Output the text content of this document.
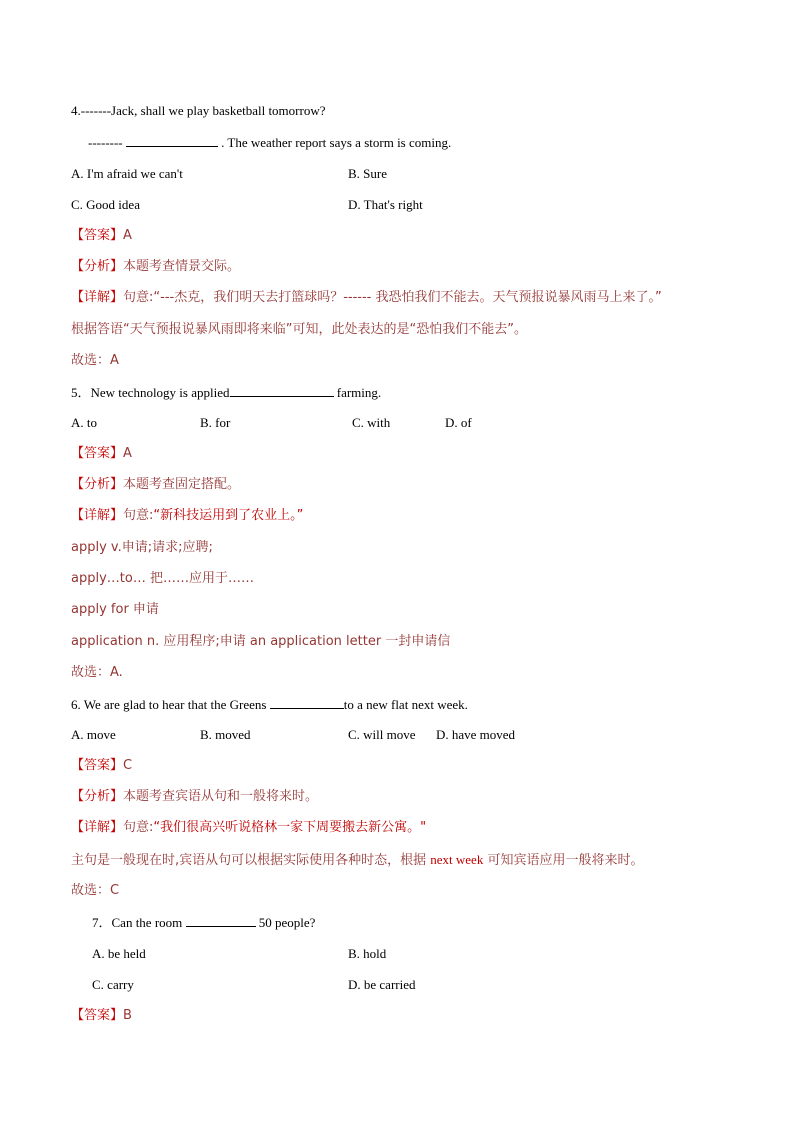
4.-------Jack, shall we play basketball tomorrow?
--------	. The weather report says a storm is coming.
A. I'm afraid we can't	B. Sure
C. Good idea	D. That's right
【答案】A
【分析】本题考查情景交际。
【详解】句意:“---杰克，我们明天去打篮球吗？------ 我恐怕我们不能去。天气预报说暴风雨马上来了。”
根据答语“天气预报说暴风雨即将来临”可知，此处表达的是“恐怕我们不能去”。
故选：A
5．New technology is applied	farming.
A. to	B. for	C. with	D. of
【答案】A
【分析】本题考查固定搭配。
【详解】句意:“新科技运用到了农业上。”
apply v.申请;请求;应聘;
apply…to… 把……应用于……
apply for 申请
application n. 应用程序;申请 an application letter 一封申请信
故选：A.
6. We are glad to hear that the Greens	to a new flat next week.
A. move	B. moved	C. will move D. have moved
【答案】C
【分析】本题考查宾语从句和一般将来时。
【详解】句意:“我们很高兴听说格林一家下周要搬去新公寓。"
主句是一般现在时,宾语从句可以根据实际使用各种时态，根据 next week 可知宾语应用一般将来时。
故选：C
7．Can the room	50 people?
A. be held	B. hold
C. carry	D. be carried
【答案】B
